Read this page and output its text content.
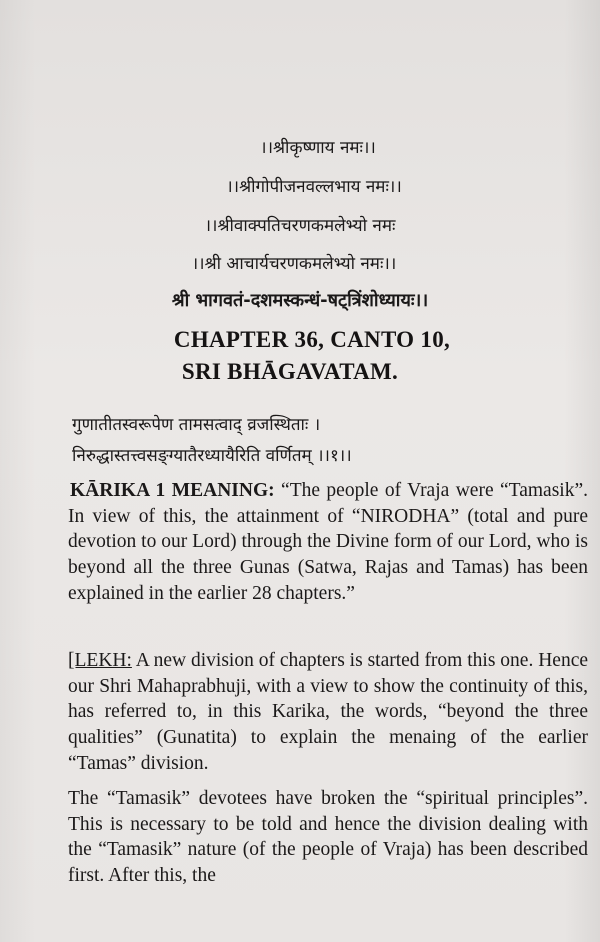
।।श्रीकृष्णाय नमः।।
।।श्रीगोपीजनवल्लभाय नमः।।
।।श्रीवाक्पतिचरणकमलेभ्यो नमः
।।श्री आचार्यचरणकमलेभ्यो नमः।।
श्री भागवतं-दशमस्कन्धं-षट्त्रिंशोध्यायः।।
CHAPTER 36, CANTO 10,
SRI BHĀGAVATAM.
गुणातीतस्वरूपेण तामसत्वाद् व्रजस्थिताः ।
निरुद्धास्तत्त्वसङ्ग्यातैरध्यायैरिति वर्णितम् ।।१।।
KĀRIKA 1 MEANING: “The people of Vraja were “Tamasik”. In view of this, the attainment of “NIRODHA” (total and pure devotion to our Lord) through the Divine form of our Lord, who is beyond all the three Gunas (Satwa, Rajas and Tamas) has been explained in the earlier 28 chapters.”
[LEKH: A new division of chapters is started from this one. Hence our Shri Mahaprabhuji, with a view to show the continuity of this, has referred to, in this Karika, the words, “beyond the three qualities” (Gunatita) to explain the menaing of the earlier “Tamas” division.
The “Tamasik” devotees have broken the “spiritual principles”. This is necessary to be told and hence the division dealing with the “Tamasik” nature (of the people of Vraja) has been described first. After this, the
